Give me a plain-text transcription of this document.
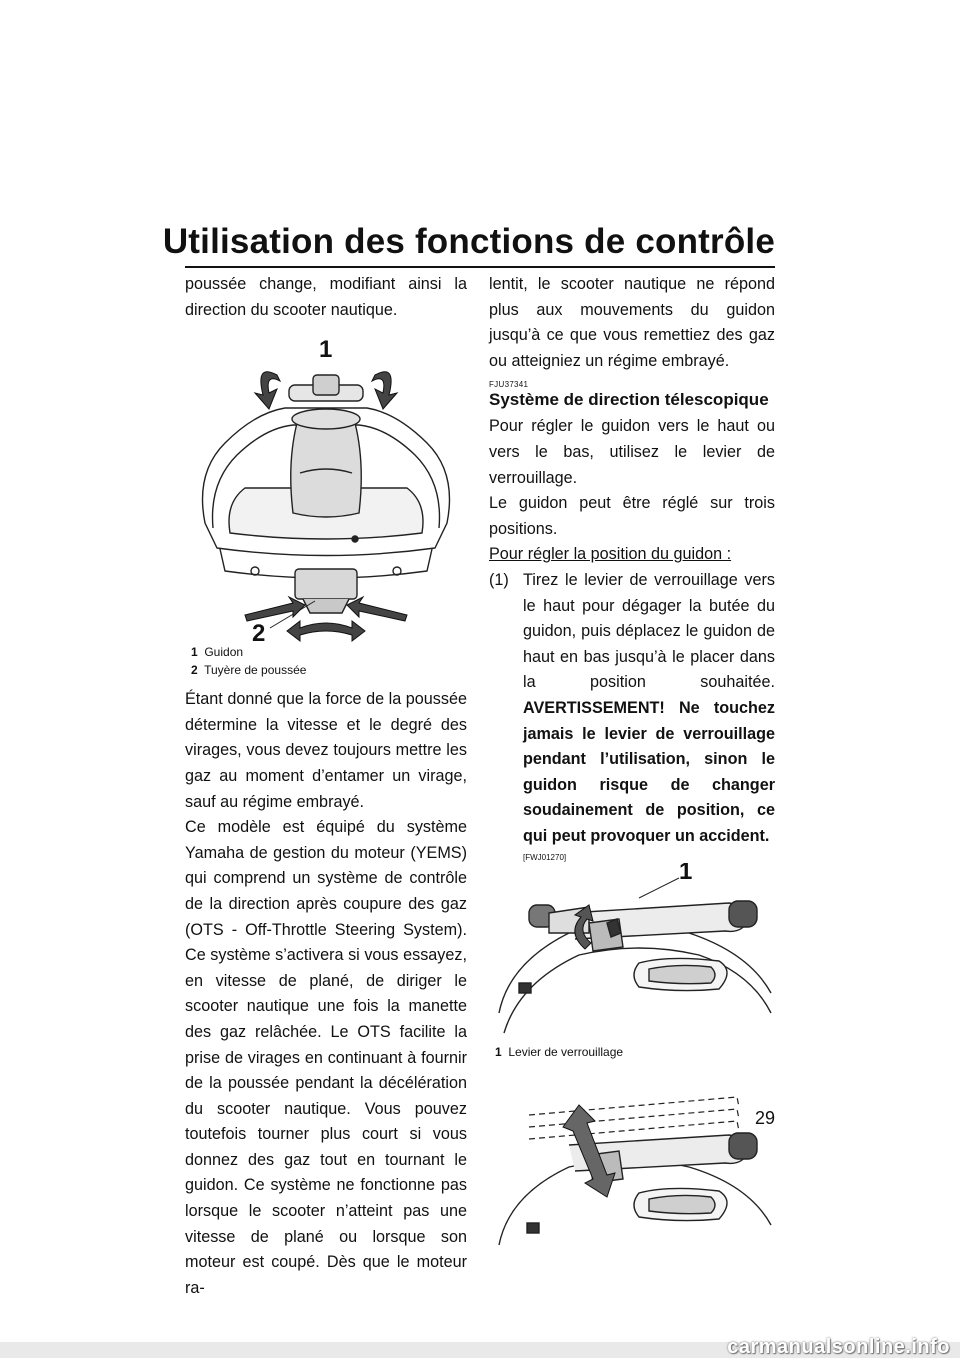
Utilisation des fonctions de contrôle

poussée change, modifiant ainsi la direction du scooter nautique.

1
2
1 Guidon
2 Tuyère de poussée

Étant donné que la force de la poussée détermine la vitesse et le degré des virages, vous devez toujours mettre les gaz au moment d’entamer un virage, sauf au régime embrayé.

Ce modèle est équipé du système Yamaha de gestion du moteur (YEMS) qui comprend un système de contrôle de la direction après coupure des gaz (OTS - Off-Throttle Steering System). Ce système s’activera si vous essayez, en vitesse de plané, de diriger le scooter nautique une fois la manette des gaz relâchée. Le OTS facilite la prise de virages en continuant à fournir de la poussée pendant la décélération du scooter nautique. Vous pouvez toutefois tourner plus court si vous donnez des gaz tout en tournant le guidon. Ce système ne fonctionne pas lorsque le scooter n’atteint pas une vitesse de plané ou lorsque son moteur est coupé. Dès que le moteur ra-

lentit, le scooter nautique ne répond plus aux mouvements du guidon jusqu’à ce que vous remettiez des gaz ou atteigniez un régime embrayé.

FJU37341
Système de direction télescopique

Pour régler le guidon vers le haut ou vers le bas, utilisez le levier de verrouillage.

Le guidon peut être réglé sur trois positions.

Pour régler la position du guidon :

(1) Tirez le levier de verrouillage vers le haut pour dégager la butée du guidon, puis déplacez le guidon de haut en bas jusqu’à le placer dans la position souhaitée. AVERTISSEMENT! Ne touchez jamais le levier de verrouillage pendant l’utilisation, sinon le guidon risque de changer soudainement de position, ce qui peut provoquer un accident.
[FWJ01270]
1
1 Levier de verrouillage
29
carmanualsonline.info
